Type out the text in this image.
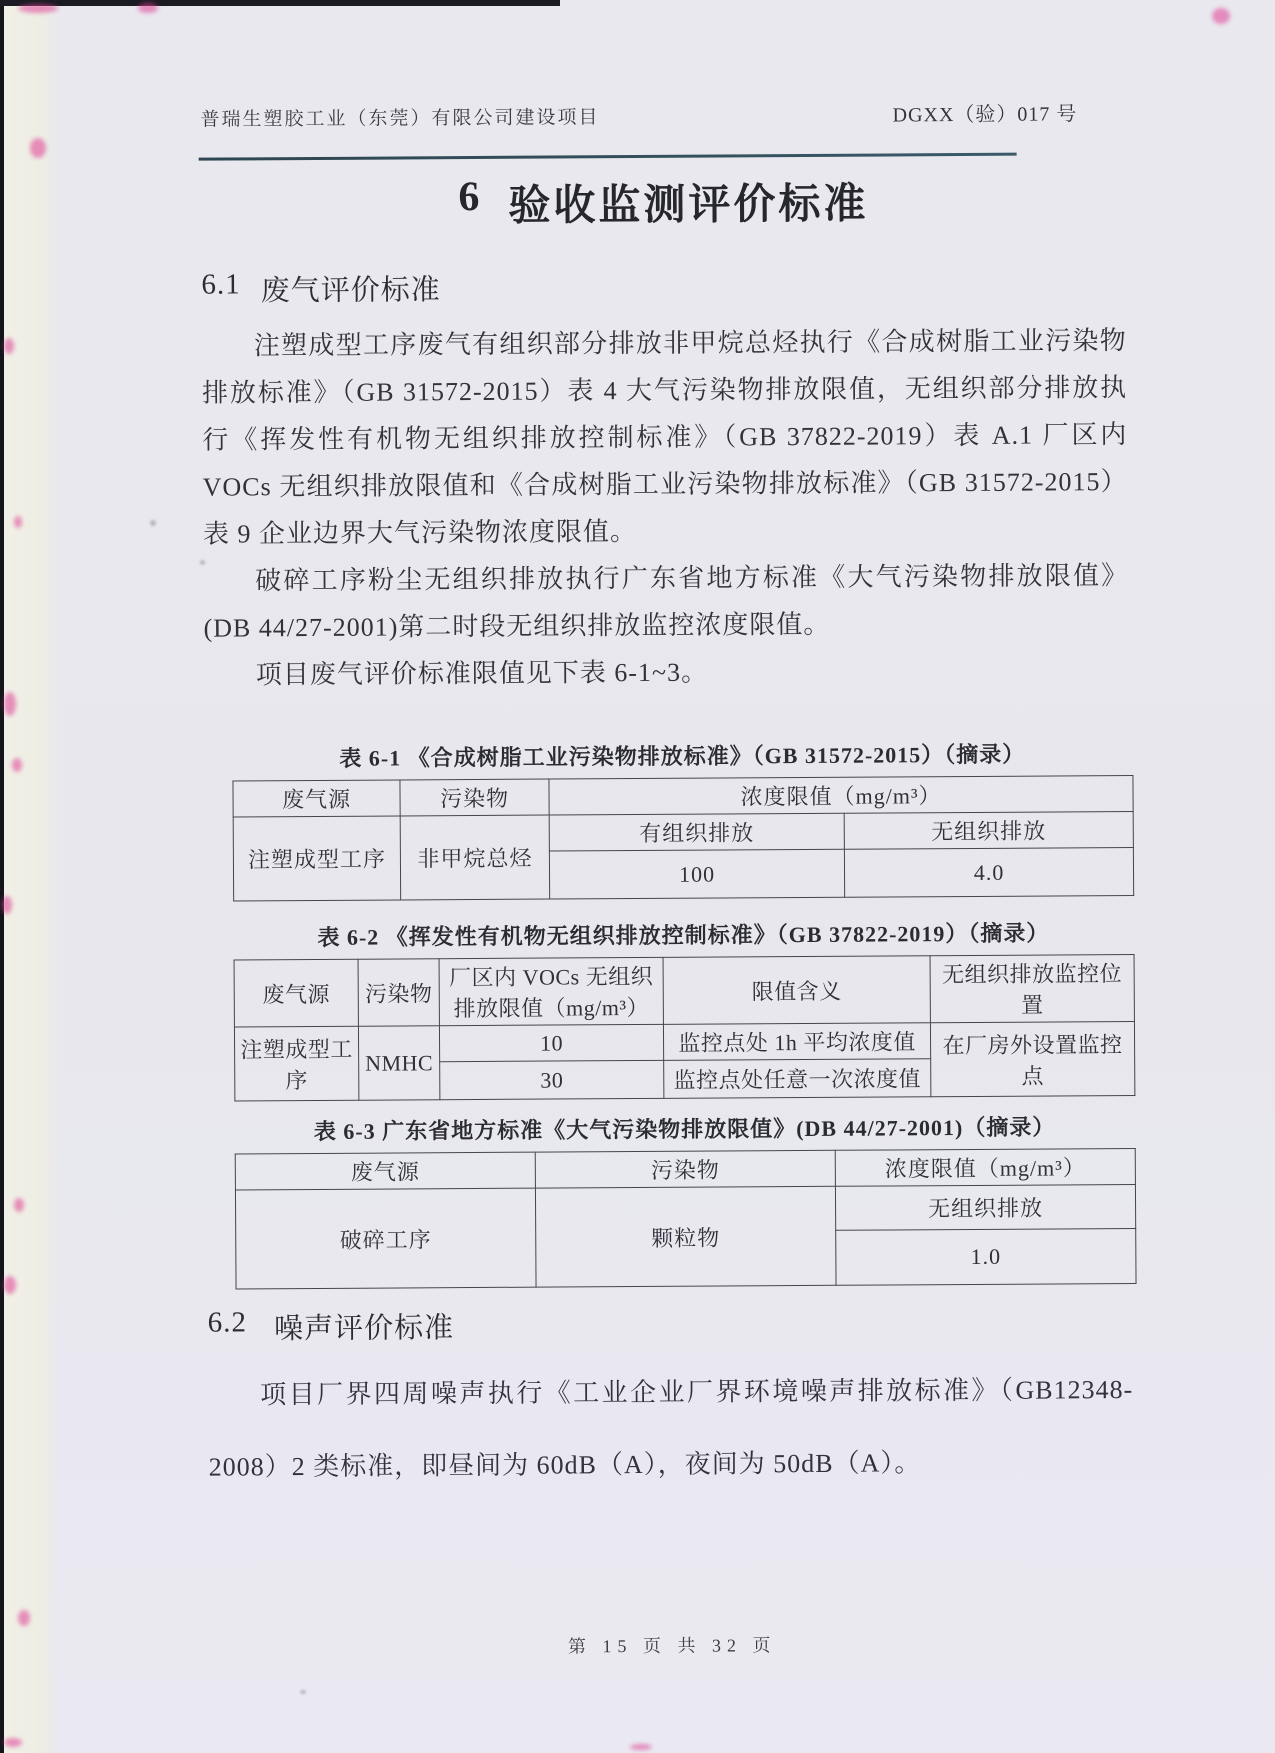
普瑞生塑胶工业（东莞）有限公司建设项目	DGXX（验）017 号
6 验收监测评价标准
6.1 废气评价标准

注塑成型工序废气有组织部分排放非甲烷总烃执行《合成树脂工业污染物排放标准》（GB 31572-2015）表 4 大气污染物排放限值，无组织部分排放执行《挥发性有机物无组织排放控制标准》（GB 37822-2019）表 A.1 厂区内 VOCs 无组织排放限值和《合成树脂工业污染物排放标准》（GB 31572-2015）表 9 企业边界大气污染物浓度限值。

破碎工序粉尘无组织排放执行广东省地方标准《大气污染物排放限值》(DB 44/27-2001)第二时段无组织排放监控浓度限值。

项目废气评价标准限值见下表 6-1~3。

表 6-1 《合成树脂工业污染物排放标准》（GB 31572-2015）（摘录）
废气源	污染物	浓度限值（mg/m³）	
注塑成型工序	非甲烷总烃	有组织排放	无组织排放
		100	4.0
表 6-2 《挥发性有机物无组织排放控制标准》（GB 37822-2019）（摘录）
废气源	污染物	厂区内 VOCs 无组织排放限值（mg/m³）	限值含义	无组织排放监控位置
注塑成型工序	NMHC	10	监控点处 1h 平均浓度值	在厂房外设置监控点
		30	监控点处任意一次浓度值	
表 6-3 广东省地方标准《大气污染物排放限值》(DB 44/27-2001)（摘录）
废气源	污染物	浓度限值（mg/m³）
破碎工序	颗粒物	无组织排放
		1.0
6.2 噪声评价标准

项目厂界四周噪声执行《工业企业厂界环境噪声排放标准》（GB12348-2008）2 类标准，即昼间为 60dB（A），夜间为 50dB（A）。

第 15 页 共 32 页
